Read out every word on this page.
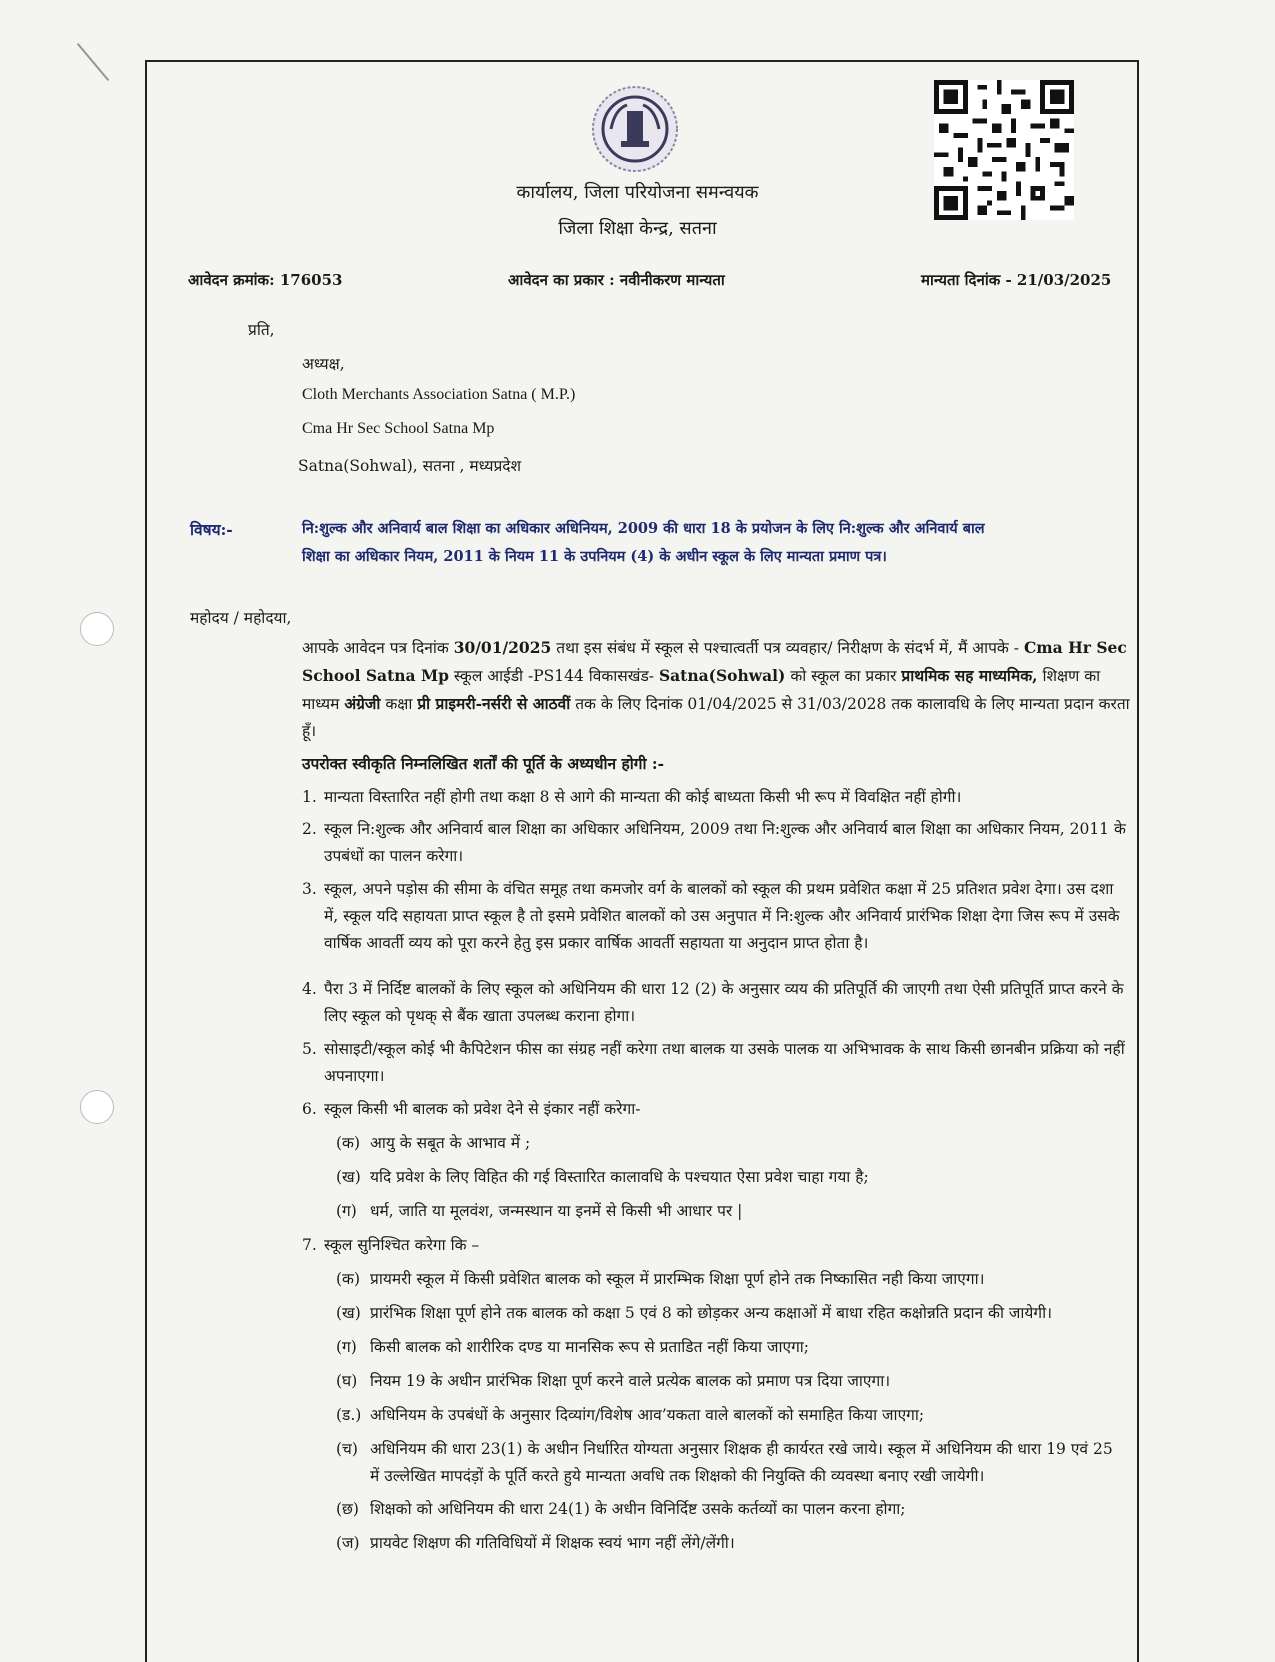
कार्यालय, जिला परियोजना समन्वयक
जिला शिक्षा केन्द्र, सतना
आवेदन क्रमांक: 176053	आवेदन का प्रकार : नवीनीकरण मान्यता	मान्यता दिनांक - 21/03/2025
प्रति,
अध्यक्ष,
Cloth Merchants Association Satna ( M.P.)
Cma Hr Sec School Satna Mp
Satna(Sohwal), सतना , मध्यप्रदेश
विषय:-	नि:शुल्क और अनिवार्य बाल शिक्षा का अधिकार अधिनियम, 2009 की धारा 18 के प्रयोजन के लिए नि:शुल्क और अनिवार्य बाल
शिक्षा का अधिकार नियम, 2011 के नियम 11 के उपनियम (4) के अधीन स्कूल के लिए मान्यता प्रमाण पत्र।
महोदय / महोदया,
आपके आवेदन पत्र दिनांक 30/01/2025 तथा इस संबंध में स्कूल से पश्चात्वर्ती पत्र व्यवहार/ निरीक्षण के संदर्भ में, मैं आपके - Cma Hr Sec School Satna Mp स्कूल आईडी -PS144 विकासखंड- Satna(Sohwal) को स्कूल का प्रकार प्राथमिक सह माध्यमिक, शिक्षण का माध्यम अंग्रेजी कक्षा प्री प्राइमरी-नर्सरी से आठवीं तक के लिए दिनांक 01/04/2025 से 31/03/2028 तक कालावधि के लिए मान्यता प्रदान करता हूँ।
उपरोक्त स्वीकृति निम्नलिखित शर्तों की पूर्ति के अध्यधीन होगी :-
1. मान्यता विस्तारित नहीं होगी तथा कक्षा 8 से आगे की मान्यता की कोई बाध्यता किसी भी रूप में विवक्षित नहीं होगी।
2. स्कूल नि:शुल्क और अनिवार्य बाल शिक्षा का अधिकार अधिनियम, 2009 तथा नि:शुल्क और अनिवार्य बाल शिक्षा का अधिकार नियम, 2011 के उपबंधों का पालन करेगा।
3. स्कूल, अपने पड़ोस की सीमा के वंचित समूह तथा कमजोर वर्ग के बालकों को स्कूल की प्रथम प्रवेशित कक्षा में 25 प्रतिशत प्रवेश देगा। उस दशा में, स्कूल यदि सहायता प्राप्त स्कूल है तो इसमे प्रवेशित बालकों को उस अनुपात में नि:शुल्क और अनिवार्य प्रारंभिक शिक्षा देगा जिस रूप में उसके वार्षिक आवर्ती व्यय को पूरा करने हेतु इस प्रकार वार्षिक आवर्ती सहायता या अनुदान प्राप्त होता है।
4. पैरा 3 में निर्दिष्ट बालकों के लिए स्कूल को अधिनियम की धारा 12 (2) के अनुसार व्यय की प्रतिपूर्ति की जाएगी तथा ऐसी प्रतिपूर्ति प्राप्त करने के लिए स्कूल को पृथक् से बैंक खाता उपलब्ध कराना होगा।
5. सोसाइटी/स्कूल कोई भी कैपिटेशन फीस का संग्रह नहीं करेगा तथा बालक या उसके पालक या अभिभावक के साथ किसी छानबीन प्रक्रिया को नहीं अपनाएगा।
6. स्कूल किसी भी बालक को प्रवेश देने से इंकार नहीं करेगा-
(क) आयु के सबूत के आभाव में ;
(ख) यदि प्रवेश के लिए विहित की गई विस्तारित कालावधि के पश्चयात ऐसा प्रवेश चाहा गया है;
(ग) धर्म, जाति या मूलवंश, जन्मस्थान या इनमें से किसी भी आधार पर |
7. स्कूल सुनिश्चित करेगा कि –
(क) प्रायमरी स्कूल में किसी प्रवेशित बालक को स्कूल में प्रारम्भिक शिक्षा पूर्ण होने तक निष्कासित नही किया जाएगा।
(ख) प्रारंभिक शिक्षा पूर्ण होने तक बालक को कक्षा 5 एवं 8 को छोड़कर अन्य कक्षाओं में बाधा रहित कक्षोन्नति प्रदान की जायेगी।
(ग) किसी बालक को शारीरिक दण्ड या मानसिक रूप से प्रताडित नहीं किया जाएगा;
(घ) नियम 19 के अधीन प्रारंभिक शिक्षा पूर्ण करने वाले प्रत्येक बालक को प्रमाण पत्र दिया जाएगा।
(ड.) अधिनियम के उपबंधों के अनुसार दिव्यांग/विशेष आव’यकता वाले बालकों को समाहित किया जाएगा;
(च) अधिनियम की धारा 23(1) के अधीन निर्धारित योग्यता अनुसार शिक्षक ही कार्यरत रखे जाये। स्कूल में अधिनियम की धारा 19 एवं 25 में उल्लेखित मापदंड़ों के पूर्ति करते हुये मान्यता अवधि तक शिक्षको की नियुक्ति की व्यवस्था बनाए रखी जायेगी।
(छ) शिक्षको को अधिनियम की धारा 24(1) के अधीन विनिर्दिष्ट उसके कर्तव्यों का पालन करना होगा;
(ज) प्रायवेट शिक्षण की गतिविधियों में शिक्षक स्वयं भाग नहीं लेंगे/लेंगी।
